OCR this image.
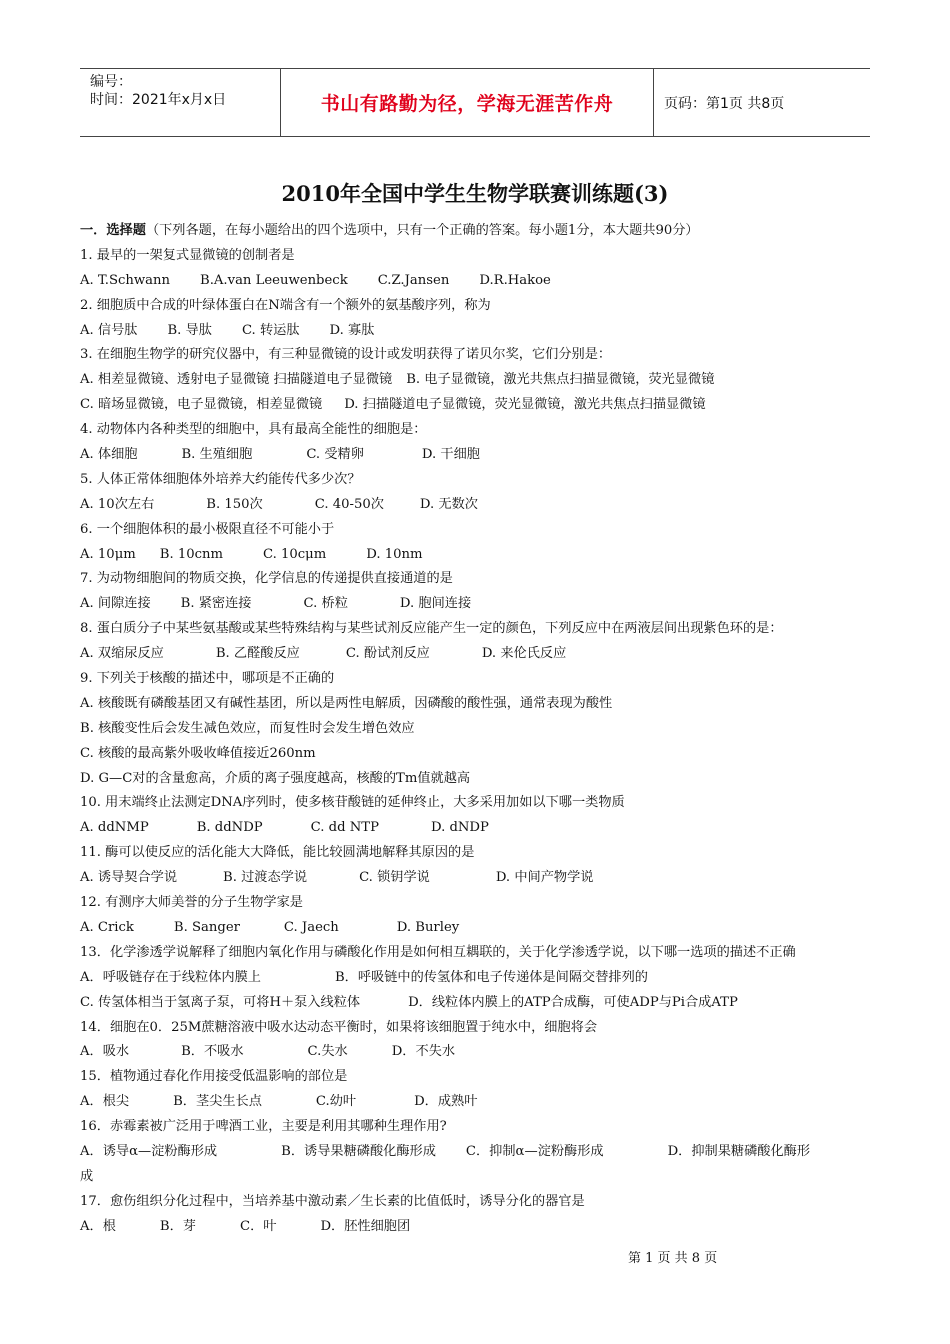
编号：
时间：2021年x月x日	书山有路勤为径，学海无涯苦作舟	页码：第1页 共8页
2010年全国中学生生物学联赛训练题(3)
一．选择题（下列各题，在每小题给出的四个选项中，只有一个正确的答案。每小题1分，本大题共90分）
1. 最早的一架复式显微镜的创制者是
A. T.Schwann B.A.van Leeuwenbeck C.Z.Jansen D.R.Hakoe
2. 细胞质中合成的叶绿体蛋白在N端含有一个额外的氨基酸序列，称为
A. 信号肽 B. 导肽 C. 转运肽 D. 寡肽
3. 在细胞生物学的研究仪器中，有三种显微镜的设计或发明获得了诺贝尔奖，它们分别是：
A. 相差显微镜、透射电子显微镜 扫描隧道电子显微镜 B. 电子显微镜，激光共焦点扫描显微镜，荧光显微镜
C. 暗场显微镜，电子显微镜，相差显微镜 D. 扫描隧道电子显微镜，荧光显微镜，激光共焦点扫描显微镜
4. 动物体内各种类型的细胞中，具有最高全能性的细胞是：
A. 体细胞	B. 生殖细胞	C. 受精卵	D. 干细胞
5. 人体正常体细胞体外培养大约能传代多少次？
A. 10次左右	B. 150次	C. 40-50次	D. 无数次
6. 一个细胞体积的最小极限直径不可能小于
A. 10μm B. 10cnm	C. 10cμm	D. 10nm
7. 为动物细胞间的物质交换，化学信息的传递提供直接通道的是
A. 间隙连接 B. 紧密连接	C. 桥粒	D. 胞间连接
8. 蛋白质分子中某些氨基酸或某些特殊结构与某些试剂反应能产生一定的颜色，下列反应中在两液层间出现紫色环的是：
A. 双缩尿反应	B. 乙醛酸反应	C. 酚试剂反应	D. 来伦氏反应
9. 下列关于核酸的描述中，哪项是不正确的
A. 核酸既有磷酸基团又有碱性基团，所以是两性电解质，因磷酸的酸性强，通常表现为酸性
B. 核酸变性后会发生减色效应，而复性时会发生增色效应
C. 核酸的最高紫外吸收峰值接近260nm
D. G—C对的含量愈高，介质的离子强度越高，核酸的Tm值就越高
10. 用末端终止法测定DNA序列时，使多核苷酸链的延伸终止，大多采用加如以下哪一类物质
A. ddNMP	B. ddNDP	C. dd NTP	D. dNDP
11. 酶可以使反应的活化能大大降低，能比较圆满地解释其原因的是
A. 诱导契合学说	B. 过渡态学说	C. 锁钥学说	D. 中间产物学说
12. 有测序大师美誉的分子生物学家是
A. Crick	B. Sanger	C. Jaech	D. Burley
13．化学渗透学说解释了细胞内氧化作用与磷酸化作用是如何相互耦联的，关于化学渗透学说，以下哪一选项的描述不正确
A．呼吸链存在于线粒体内膜上	B．呼吸链中的传氢体和电子传递体是间隔交替排列的
C. 传氢体相当于氢离子泵，可将H＋泵入线粒体	D．线粒体内膜上的ATP合成酶，可使ADP与Pi合成ATP
14．细胞在0．25M蔗糖溶液中吸水达动态平衡时，如果将该细胞置于纯水中，细胞将会
A．吸水	B．不吸水	C.失水	D．不失水
15．植物通过春化作用接受低温影响的部位是
A．根尖	B．茎尖生长点	C.幼叶	D．成熟叶
16．赤霉素被广泛用于啤酒工业，主要是利用其哪种生理作用?
A．诱导α—淀粉酶形成	B．诱导果糖磷酸化酶形成 C．抑制α—淀粉酶形成	D．抑制果糖磷酸化酶形
成
17．愈伤组织分化过程中，当培养基中激动素／生长素的比值低时，诱导分化的器官是
A．根	B．芽	C．叶	D．胚性细胞团
第 1 页 共 8 页
